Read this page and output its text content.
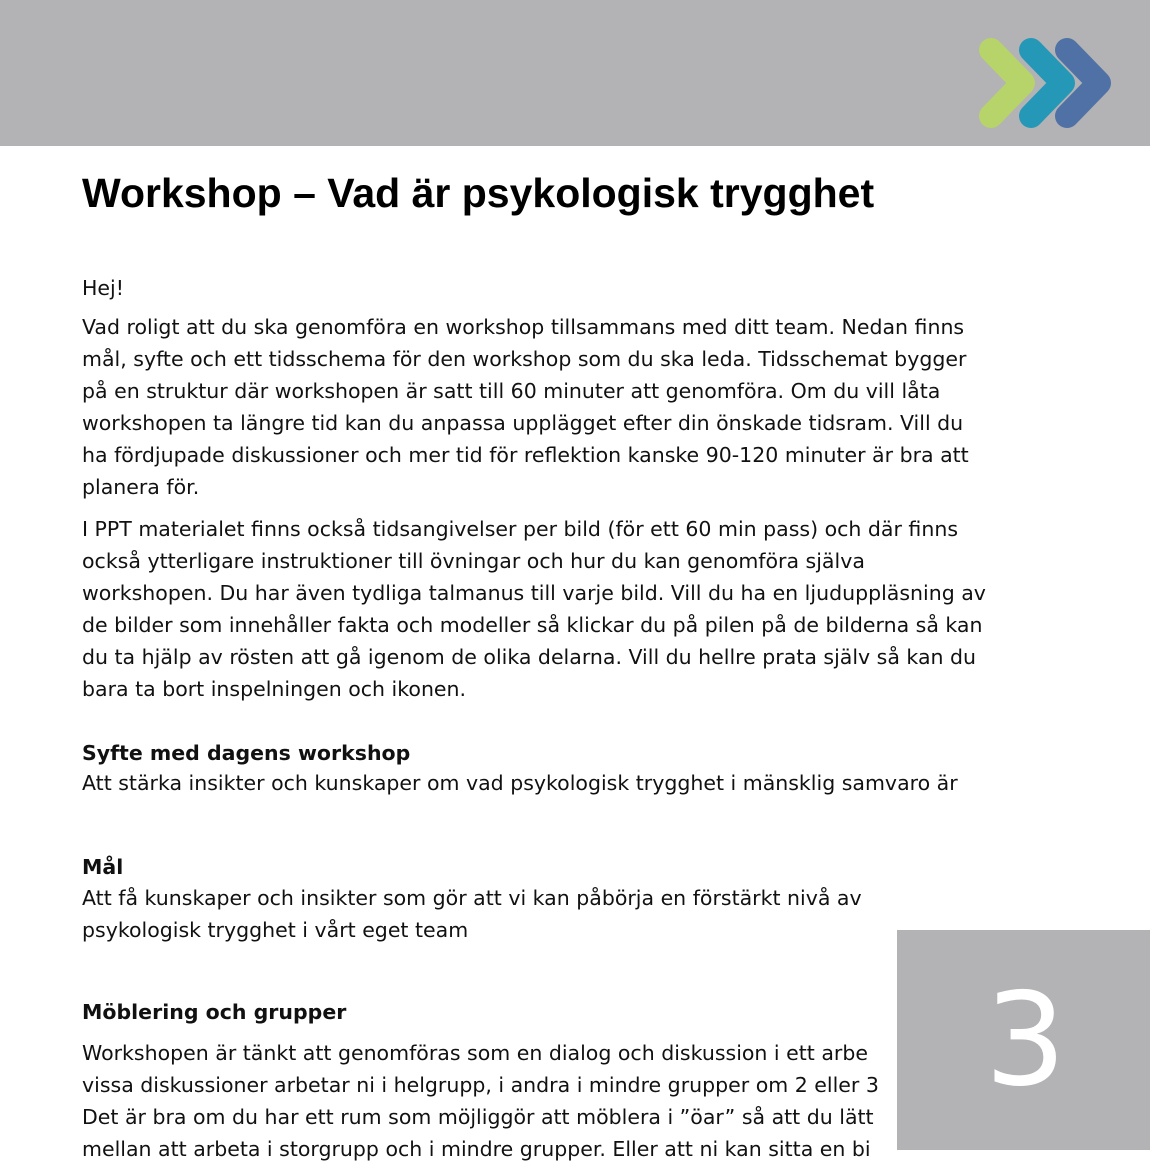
Workshop – Vad är psykologisk trygghet

Hej!

Vad roligt att du ska genomföra en workshop tillsammans med ditt team. Nedan finns
mål, syfte och ett tidsschema för den workshop som du ska leda. Tidsschemat bygger
på en struktur där workshopen är satt till 60 minuter att genomföra. Om du vill låta
workshopen ta längre tid kan du anpassa upplägget efter din önskade tidsram. Vill du
ha fördjupade diskussioner och mer tid för reflektion kanske 90-120 minuter är bra att
planera för.
I PPT materialet finns också tidsangivelser per bild (för ett 60 min pass) och där finns
också ytterligare instruktioner till övningar och hur du kan genomföra själva
workshopen. Du har även tydliga talmanus till varje bild. Vill du ha en ljuduppläsning av
de bilder som innehåller fakta och modeller så klickar du på pilen på de bilderna så kan
du ta hjälp av rösten att gå igenom de olika delarna. Vill du hellre prata själv så kan du
bara ta bort inspelningen och ikonen.
Syfte med dagens workshop
Att stärka insikter och kunskaper om vad psykologisk trygghet i mänsklig samvaro är
Mål
Att få kunskaper och insikter som gör att vi kan påbörja en förstärkt nivå av
psykologisk trygghet i vårt eget team
Möblering och grupper
Workshopen är tänkt att genomföras som en dialog och diskussion i ett arbe
vissa diskussioner arbetar ni i helgrupp, i andra i mindre grupper om 2 eller 3
Det är bra om du har ett rum som möjliggör att möblera i ”öar” så att du lätt
mellan att arbeta i storgrupp och i mindre grupper. Eller att ni kan sitta en bi
3
